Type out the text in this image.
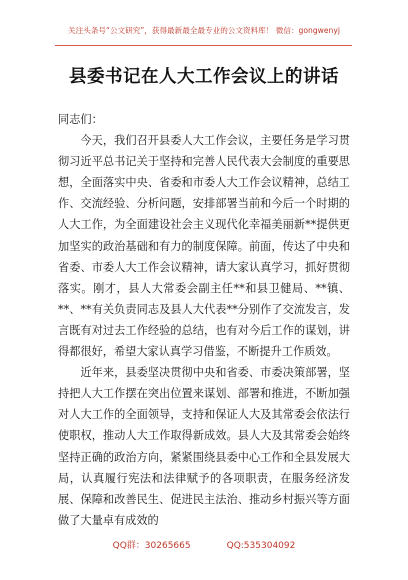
关注头条号“公文研究”，获得最新最全最专业的公文资料库！ 微信：gongwenyj
县委书记在人大工作会议上的讲话

同志们：

今天，我们召开县委人大工作会议，主要任务是学习贯彻习近平总书记关于坚持和完善人民代表大会制度的重要思想，全面落实中央、省委和市委人大工作会议精神，总结工作、交流经验、分析问题，安排部署当前和今后一个时期的人大工作，为全面建设社会主义现代化幸福美丽新**提供更加坚实的政治基础和有力的制度保障。前面，传达了中央和省委、市委人大工作会议精神，请大家认真学习，抓好贯彻落实。刚才，县人大常委会副主任**和县卫健局、**镇、**、**有关负责同志及县人大代表**分别作了交流发言，发言既有对过去工作经验的总结，也有对今后工作的谋划，讲得都很好，希望大家认真学习借鉴，不断提升工作质效。

近年来，县委坚决贯彻中央和省委、市委决策部署，坚持把人大工作摆在突出位置来谋划、部署和推进，不断加强对人大工作的全面领导，支持和保证人大及其常委会依法行使职权，推动人大工作取得新成效。县人大及其常委会始终坚持正确的政治方向，紧紧围绕县委中心工作和全县发展大局，认真履行宪法和法律赋予的各项职责，在服务经济发展、保障和改善民生、促进民主法治、推动乡村振兴等方面做了大量卓有成效的

QQ群：30265665	QQ:535304092
